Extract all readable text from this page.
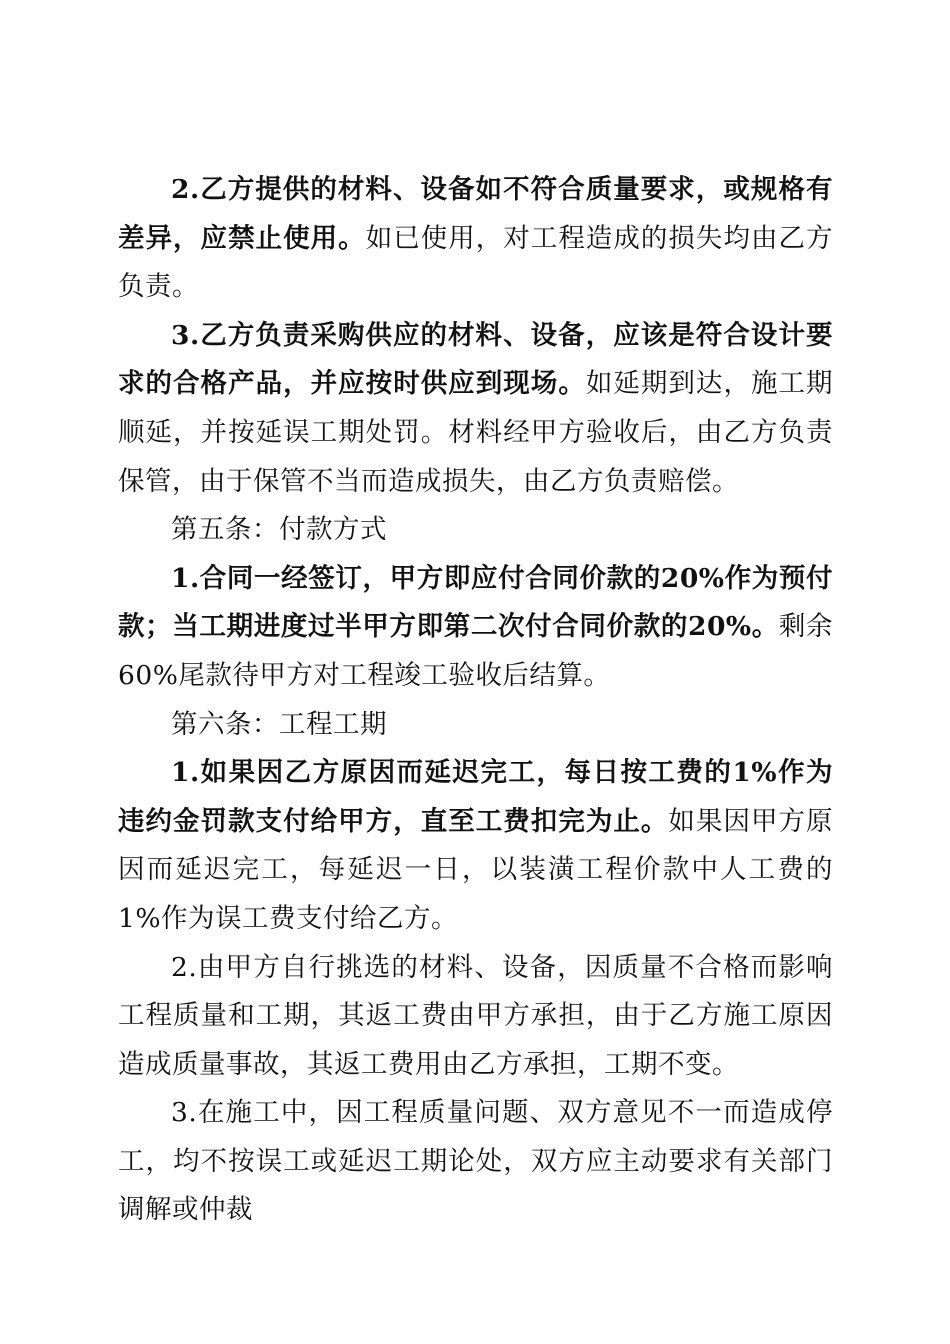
2.乙方提供的材料、设备如不符合质量要求，或规格有差异，应禁止使用。如已使用，对工程造成的损失均由乙方负责。

3.乙方负责采购供应的材料、设备，应该是符合设计要求的合格产品，并应按时供应到现场。如延期到达，施工期顺延，并按延误工期处罚。材料经甲方验收后，由乙方负责保管，由于保管不当而造成损失，由乙方负责赔偿。

第五条：付款方式

1.合同一经签订，甲方即应付合同价款的20%作为预付款；当工期进度过半甲方即第二次付合同价款的20%。剩余60%尾款待甲方对工程竣工验收后结算。

第六条：工程工期

1.如果因乙方原因而延迟完工，每日按工费的1%作为违约金罚款支付给甲方，直至工费扣完为止。如果因甲方原因而延迟完工，每延迟一日，以装潢工程价款中人工费的1%作为误工费支付给乙方。

2.由甲方自行挑选的材料、设备，因质量不合格而影响工程质量和工期，其返工费由甲方承担，由于乙方施工原因造成质量事故，其返工费用由乙方承担，工期不变。

3.在施工中，因工程质量问题、双方意见不一而造成停工，均不按误工或延迟工期论处，双方应主动要求有关部门调解或仲裁
